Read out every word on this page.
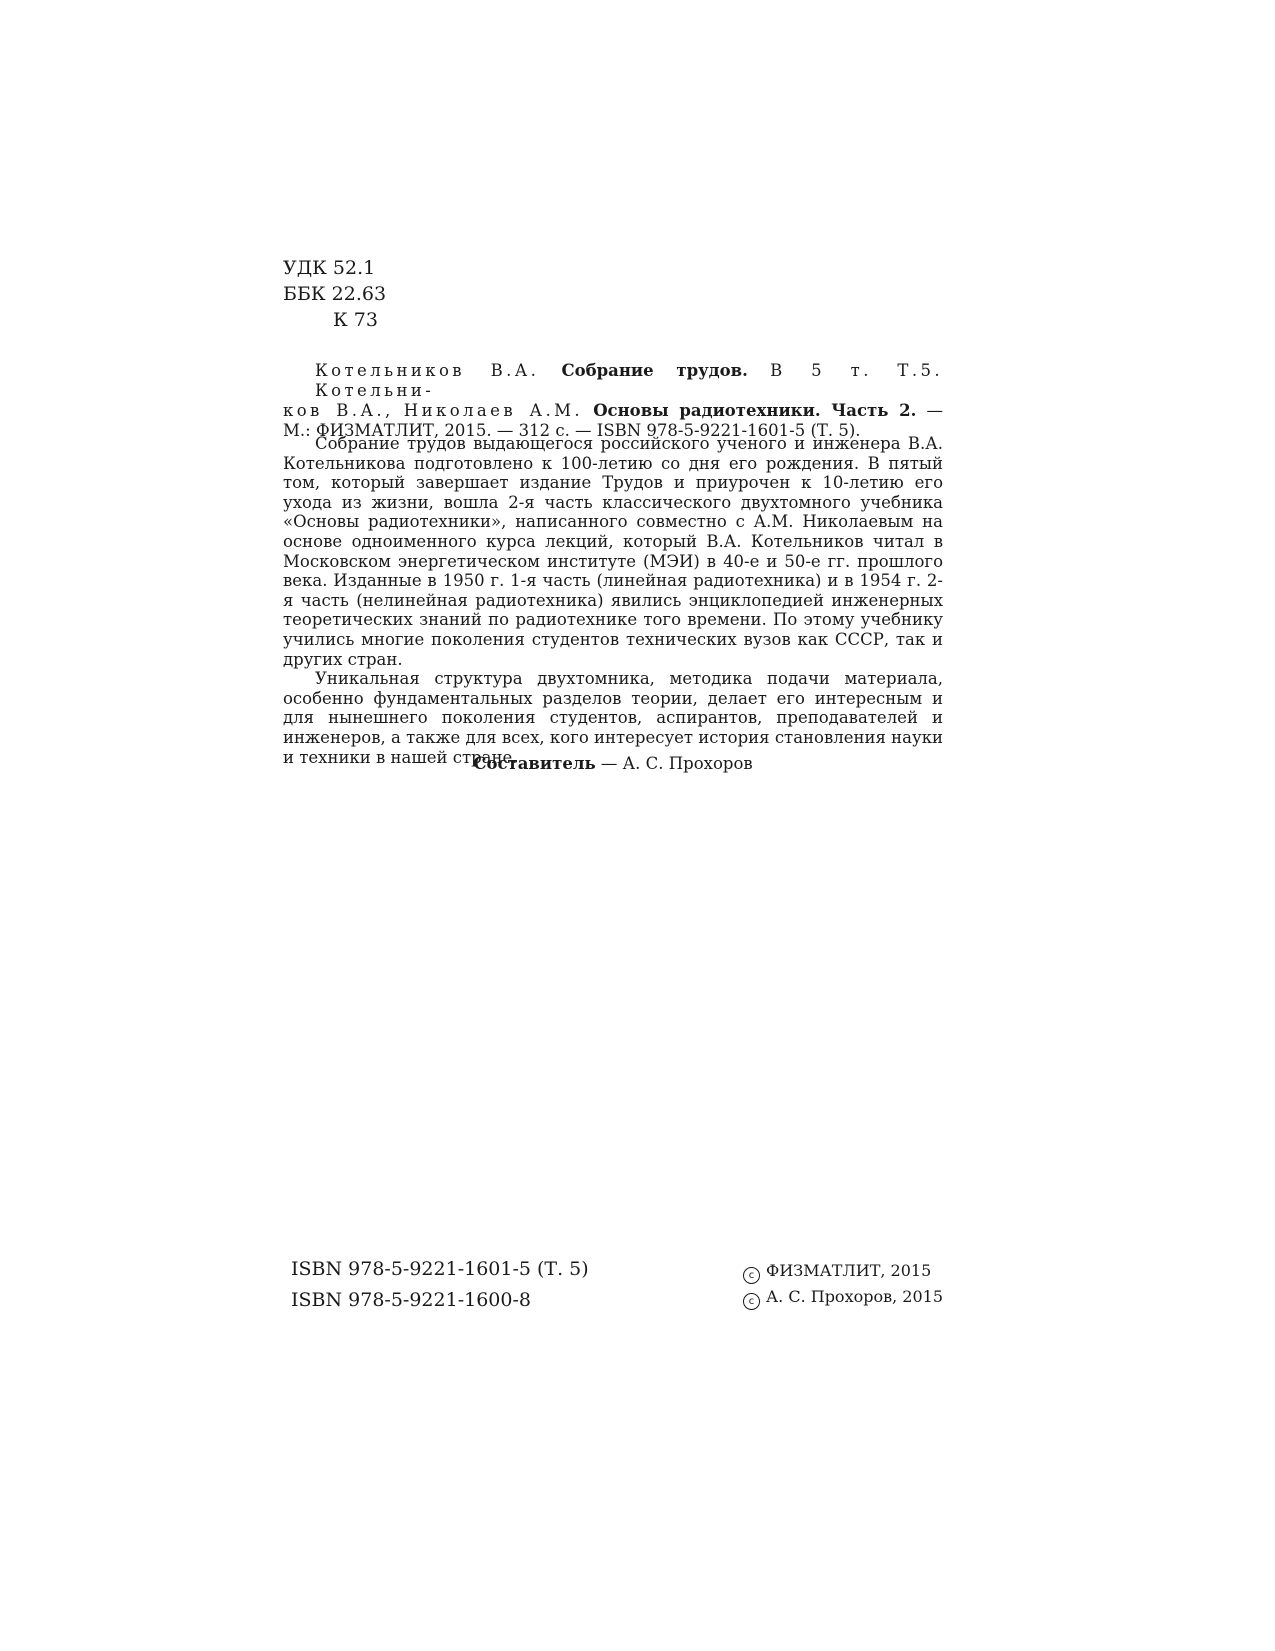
УДК 52.1
ББК 22.63
К 73
Котельников В.А. Собрание трудов. В 5 т. Т.5. Котельни-
ков В.А., Николаев А.М. Основы радиотехники. Часть 2. —
М.: ФИЗМАТЛИТ, 2015. — 312 с. — ISBN 978-5-9221-1601-5 (Т. 5).

Собрание трудов выдающегося российского ученого и инженера В.А. Котельникова подготовлено к 100-летию со дня его рождения. В пятый том, который завершает издание Трудов и приурочен к 10-летию его ухода из жизни, вошла 2-я часть классического двухтомного учебника «Основы радиотехники», написанного совместно с А.М. Николаевым на основе одноименного курса лекций, который В.А. Котельников читал в Московском энергетическом институте (МЭИ) в 40-е и 50-е гг. прошлого века. Изданные в 1950 г. 1-я часть (линейная радиотехника) и в 1954 г. 2-я часть (нелинейная радиотехника) явились энциклопедией инженерных теоретических знаний по радиотехнике того времени. По этому учебнику учились многие поколения студентов технических вузов как СССР, так и других стран.

Уникальная структура двухтомника, методика подачи материала, особенно фундаментальных разделов теории, делает его интересным и для нынешнего поколения студентов, аспирантов, преподавателей и инженеров, а также для всех, кого интересует история становления науки и техники в нашей стране.

Составитель — А. С. Прохоров
ISBN 978-5-9221-1601-5 (Т. 5)
ISBN 978-5-9221-1600-8
c ФИЗМАТЛИТ, 2015
c А. С. Прохоров, 2015
